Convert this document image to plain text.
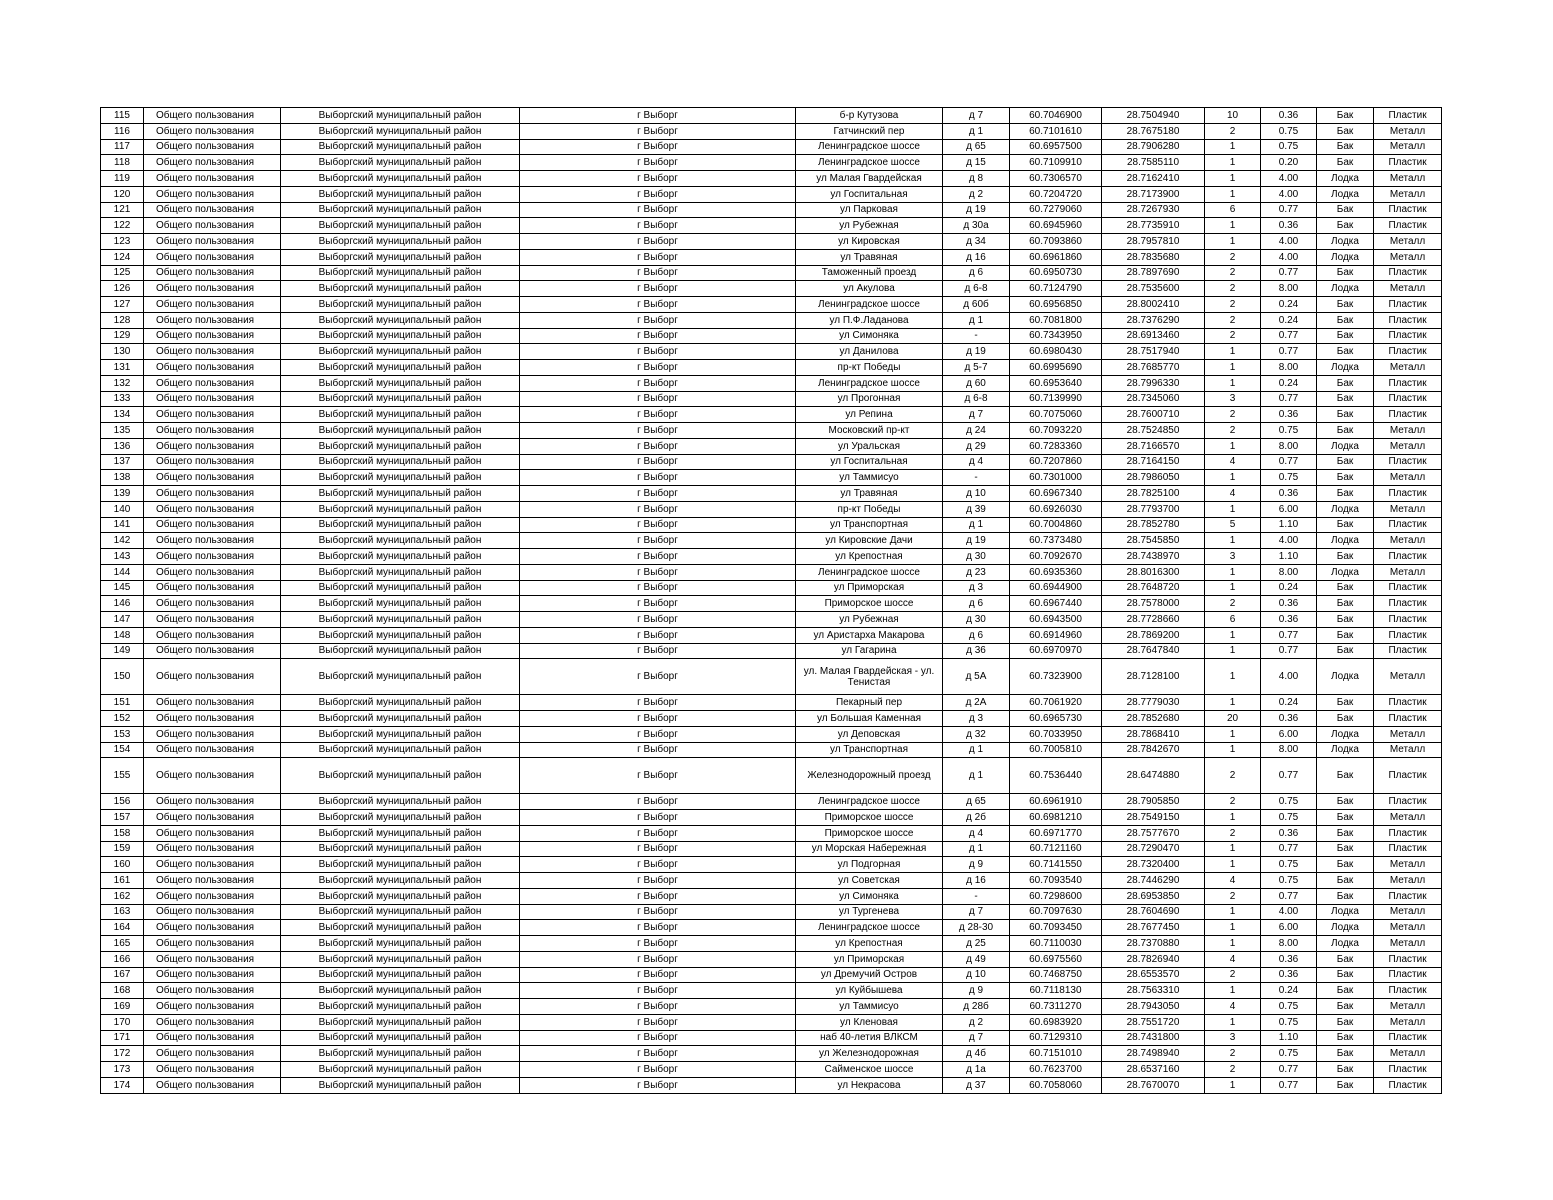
115	Общего пользования	Выборгский муниципальный район	г Выборг	б-р Кутузова	д 7	60.7046900	28.7504940	10	0.36	Бак	Пластик
116	Общего пользования	Выборгский муниципальный район	г Выборг	Гатчинский пер	д 1	60.7101610	28.7675180	2	0.75	Бак	Металл
117	Общего пользования	Выборгский муниципальный район	г Выборг	Ленинградское шоссе	д 65	60.6957500	28.7906280	1	0.75	Бак	Металл
118	Общего пользования	Выборгский муниципальный район	г Выборг	Ленинградское шоссе	д 15	60.7109910	28.7585110	1	0.20	Бак	Пластик
119	Общего пользования	Выборгский муниципальный район	г Выборг	ул Малая Гвардейская	д 8	60.7306570	28.7162410	1	4.00	Лодка	Металл
120	Общего пользования	Выборгский муниципальный район	г Выборг	ул Госпитальная	д 2	60.7204720	28.7173900	1	4.00	Лодка	Металл
121	Общего пользования	Выборгский муниципальный район	г Выборг	ул Парковая	д 19	60.7279060	28.7267930	6	0.77	Бак	Пластик
122	Общего пользования	Выборгский муниципальный район	г Выборг	ул Рубежная	д 30а	60.6945960	28.7735910	1	0.36	Бак	Пластик
123	Общего пользования	Выборгский муниципальный район	г Выборг	ул Кировская	д 34	60.7093860	28.7957810	1	4.00	Лодка	Металл
124	Общего пользования	Выборгский муниципальный район	г Выборг	ул Травяная	д 16	60.6961860	28.7835680	2	4.00	Лодка	Металл
125	Общего пользования	Выборгский муниципальный район	г Выборг	Таможенный проезд	д 6	60.6950730	28.7897690	2	0.77	Бак	Пластик
126	Общего пользования	Выборгский муниципальный район	г Выборг	ул Акулова	д 6-8	60.7124790	28.7535600	2	8.00	Лодка	Металл
127	Общего пользования	Выборгский муниципальный район	г Выборг	Ленинградское шоссе	д 60б	60.6956850	28.8002410	2	0.24	Бак	Пластик
128	Общего пользования	Выборгский муниципальный район	г Выборг	ул П.Ф.Ладанова	д 1	60.7081800	28.7376290	2	0.24	Бак	Пластик
129	Общего пользования	Выборгский муниципальный район	г Выборг	ул Симоняка	-	60.7343950	28.6913460	2	0.77	Бак	Пластик
130	Общего пользования	Выборгский муниципальный район	г Выборг	ул Данилова	д 19	60.6980430	28.7517940	1	0.77	Бак	Пластик
131	Общего пользования	Выборгский муниципальный район	г Выборг	пр-кт Победы	д 5-7	60.6995690	28.7685770	1	8.00	Лодка	Металл
132	Общего пользования	Выборгский муниципальный район	г Выборг	Ленинградское шоссе	д 60	60.6953640	28.7996330	1	0.24	Бак	Пластик
133	Общего пользования	Выборгский муниципальный район	г Выборг	ул Прогонная	д 6-8	60.7139990	28.7345060	3	0.77	Бак	Пластик
134	Общего пользования	Выборгский муниципальный район	г Выборг	ул Репина	д 7	60.7075060	28.7600710	2	0.36	Бак	Пластик
135	Общего пользования	Выборгский муниципальный район	г Выборг	Московский пр-кт	д 24	60.7093220	28.7524850	2	0.75	Бак	Металл
136	Общего пользования	Выборгский муниципальный район	г Выборг	ул Уральская	д 29	60.7283360	28.7166570	1	8.00	Лодка	Металл
137	Общего пользования	Выборгский муниципальный район	г Выборг	ул Госпитальная	д 4	60.7207860	28.7164150	4	0.77	Бак	Пластик
138	Общего пользования	Выборгский муниципальный район	г Выборг	ул Таммисуо	-	60.7301000	28.7986050	1	0.75	Бак	Металл
139	Общего пользования	Выборгский муниципальный район	г Выборг	ул Травяная	д 10	60.6967340	28.7825100	4	0.36	Бак	Пластик
140	Общего пользования	Выборгский муниципальный район	г Выборг	пр-кт Победы	д 39	60.6926030	28.7793700	1	6.00	Лодка	Металл
141	Общего пользования	Выборгский муниципальный район	г Выборг	ул Транспортная	д 1	60.7004860	28.7852780	5	1.10	Бак	Пластик
142	Общего пользования	Выборгский муниципальный район	г Выборг	ул Кировские Дачи	д 19	60.7373480	28.7545850	1	4.00	Лодка	Металл
143	Общего пользования	Выборгский муниципальный район	г Выборг	ул Крепостная	д 30	60.7092670	28.7438970	3	1.10	Бак	Пластик
144	Общего пользования	Выборгский муниципальный район	г Выборг	Ленинградское шоссе	д 23	60.6935360	28.8016300	1	8.00	Лодка	Металл
145	Общего пользования	Выборгский муниципальный район	г Выборг	ул Приморская	д 3	60.6944900	28.7648720	1	0.24	Бак	Пластик
146	Общего пользования	Выборгский муниципальный район	г Выборг	Приморское шоссе	д 6	60.6967440	28.7578000	2	0.36	Бак	Пластик
147	Общего пользования	Выборгский муниципальный район	г Выборг	ул Рубежная	д 30	60.6943500	28.7728660	6	0.36	Бак	Пластик
148	Общего пользования	Выборгский муниципальный район	г Выборг	ул Аристарха Макарова	д 6	60.6914960	28.7869200	1	0.77	Бак	Пластик
149	Общего пользования	Выборгский муниципальный район	г Выборг	ул Гагарина	д 36	60.6970970	28.7647840	1	0.77	Бак	Пластик
150	Общего пользования	Выборгский муниципальный район	г Выборг	ул. Малая Гвардейская - ул. Тенистая	д 5А	60.7323900	28.7128100	1	4.00	Лодка	Металл
151	Общего пользования	Выборгский муниципальный район	г Выборг	Пекарный пер	д 2А	60.7061920	28.7779030	1	0.24	Бак	Пластик
152	Общего пользования	Выборгский муниципальный район	г Выборг	ул Большая Каменная	д 3	60.6965730	28.7852680	20	0.36	Бак	Пластик
153	Общего пользования	Выборгский муниципальный район	г Выборг	ул Деповская	д 32	60.7033950	28.7868410	1	6.00	Лодка	Металл
154	Общего пользования	Выборгский муниципальный район	г Выборг	ул Транспортная	д 1	60.7005810	28.7842670	1	8.00	Лодка	Металл
155	Общего пользования	Выборгский муниципальный район	г Выборг	Железнодорожный проезд	д 1	60.7536440	28.6474880	2	0.77	Бак	Пластик
156	Общего пользования	Выборгский муниципальный район	г Выборг	Ленинградское шоссе	д 65	60.6961910	28.7905850	2	0.75	Бак	Пластик
157	Общего пользования	Выборгский муниципальный район	г Выборг	Приморское шоссе	д 2б	60.6981210	28.7549150	1	0.75	Бак	Металл
158	Общего пользования	Выборгский муниципальный район	г Выборг	Приморское шоссе	д 4	60.6971770	28.7577670	2	0.36	Бак	Пластик
159	Общего пользования	Выборгский муниципальный район	г Выборг	ул Морская Набережная	д 1	60.7121160	28.7290470	1	0.77	Бак	Пластик
160	Общего пользования	Выборгский муниципальный район	г Выборг	ул Подгорная	д 9	60.7141550	28.7320400	1	0.75	Бак	Металл
161	Общего пользования	Выборгский муниципальный район	г Выборг	ул Советская	д 16	60.7093540	28.7446290	4	0.75	Бак	Металл
162	Общего пользования	Выборгский муниципальный район	г Выборг	ул Симоняка	-	60.7298600	28.6953850	2	0.77	Бак	Пластик
163	Общего пользования	Выборгский муниципальный район	г Выборг	ул Тургенева	д 7	60.7097630	28.7604690	1	4.00	Лодка	Металл
164	Общего пользования	Выборгский муниципальный район	г Выборг	Ленинградское шоссе	д 28-30	60.7093450	28.7677450	1	6.00	Лодка	Металл
165	Общего пользования	Выборгский муниципальный район	г Выборг	ул Крепостная	д 25	60.7110030	28.7370880	1	8.00	Лодка	Металл
166	Общего пользования	Выборгский муниципальный район	г Выборг	ул Приморская	д 49	60.6975560	28.7826940	4	0.36	Бак	Пластик
167	Общего пользования	Выборгский муниципальный район	г Выборг	ул Дремучий Остров	д 10	60.7468750	28.6553570	2	0.36	Бак	Пластик
168	Общего пользования	Выборгский муниципальный район	г Выборг	ул Куйбышева	д 9	60.7118130	28.7563310	1	0.24	Бак	Пластик
169	Общего пользования	Выборгский муниципальный район	г Выборг	ул Таммисуо	д 28б	60.7311270	28.7943050	4	0.75	Бак	Металл
170	Общего пользования	Выборгский муниципальный район	г Выборг	ул Кленовая	д 2	60.6983920	28.7551720	1	0.75	Бак	Металл
171	Общего пользования	Выборгский муниципальный район	г Выборг	наб 40-летия ВЛКСМ	д 7	60.7129310	28.7431800	3	1.10	Бак	Пластик
172	Общего пользования	Выборгский муниципальный район	г Выборг	ул Железнодорожная	д 4б	60.7151010	28.7498940	2	0.75	Бак	Металл
173	Общего пользования	Выборгский муниципальный район	г Выборг	Сайменское шоссе	д 1а	60.7623700	28.6537160	2	0.77	Бак	Пластик
174	Общего пользования	Выборгский муниципальный район	г Выборг	ул Некрасова	д 37	60.7058060	28.7670070	1	0.77	Бак	Пластик
